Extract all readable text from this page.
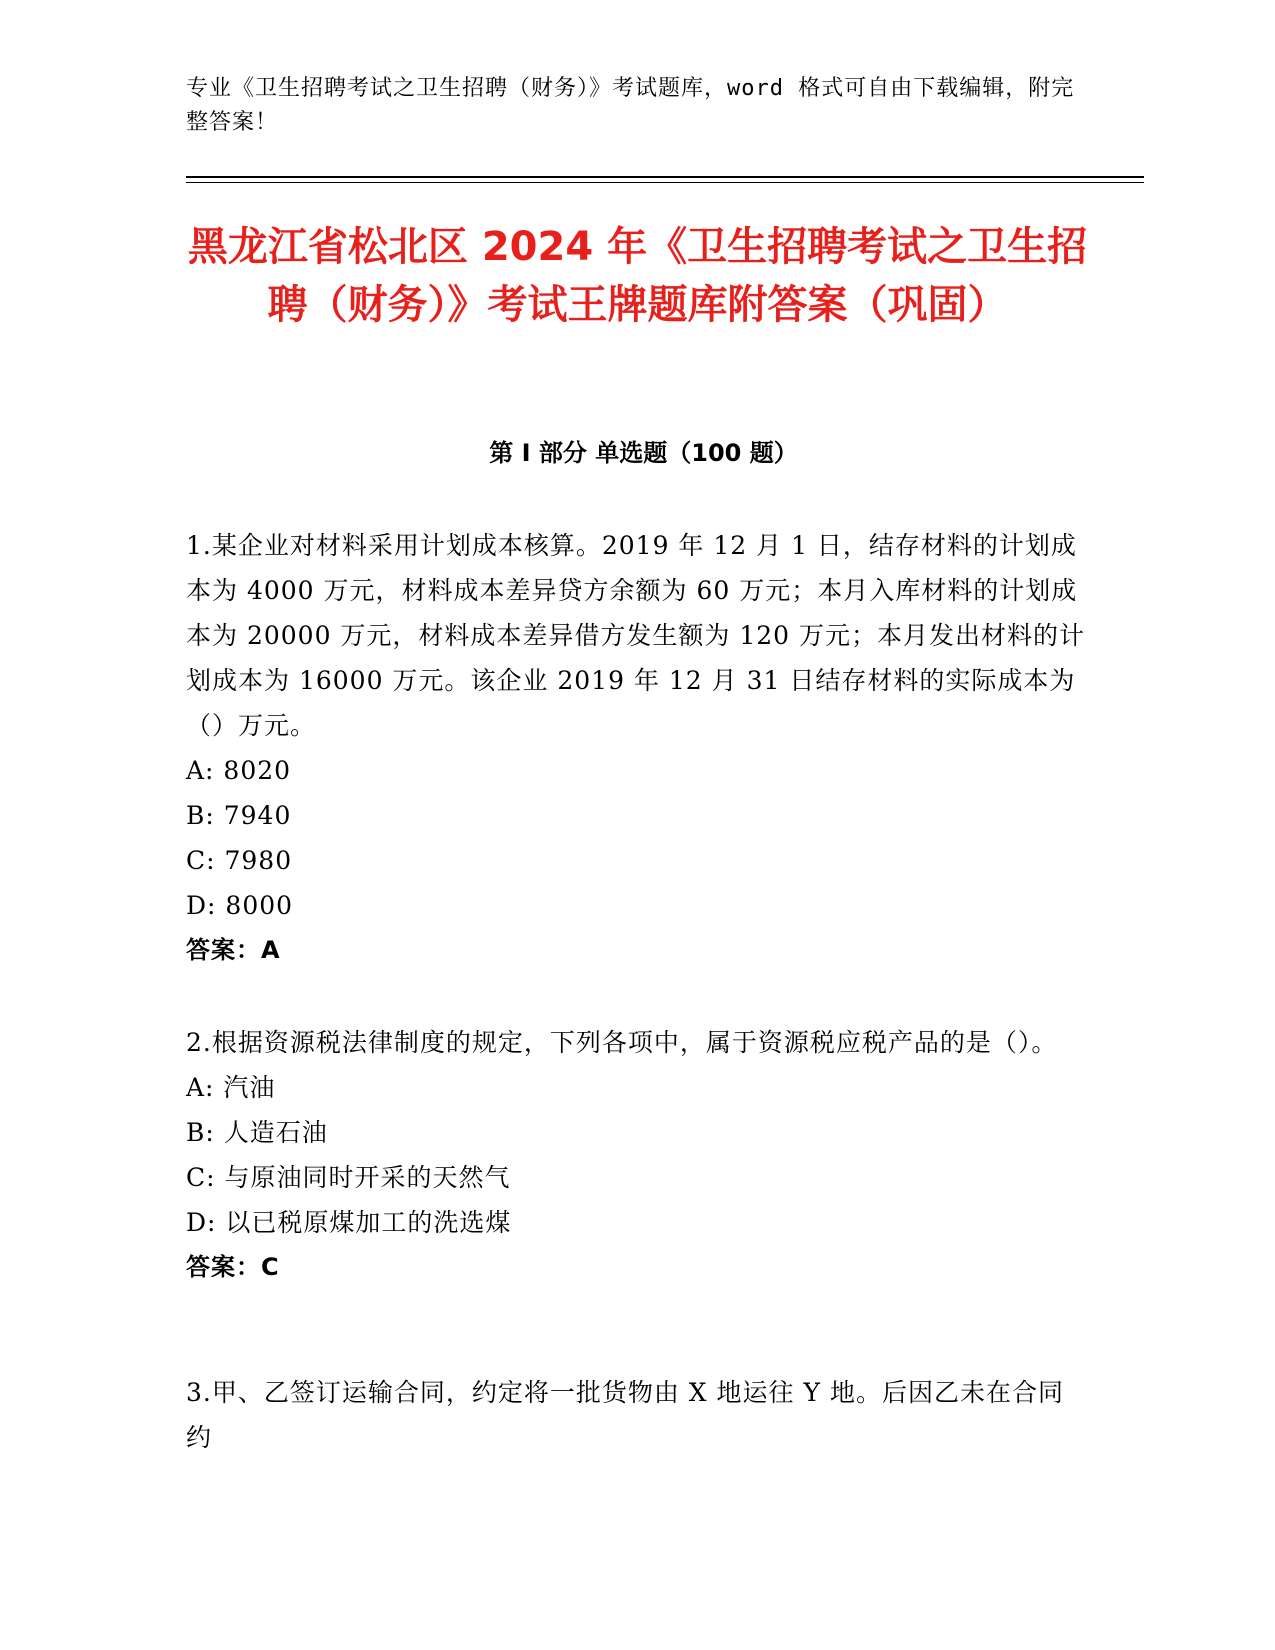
专业《卫生招聘考试之卫生招聘（财务）》考试题库，word 格式可自由下载编辑，附完整答案！
黑龙江省松北区 2024 年《卫生招聘考试之卫生招聘（财务）》考试王牌题库附答案（巩固）
第 I 部分 单选题（100 题）
1.某企业对材料采用计划成本核算。2019 年 12 月 1 日，结存材料的计划成本为 4000 万元，材料成本差异贷方余额为 60 万元；本月入库材料的计划成本为 20000 万元，材料成本差异借方发生额为 120 万元；本月发出材料的计划成本为 16000 万元。该企业 2019 年 12 月 31 日结存材料的实际成本为（）万元。
A: 8020
B: 7940
C: 7980
D: 8000
答案：A
2.根据资源税法律制度的规定，下列各项中，属于资源税应税产品的是（）。
A: 汽油
B: 人造石油
C: 与原油同时开采的天然气
D: 以已税原煤加工的洗选煤
答案：C
3.甲、乙签订运输合同，约定将一批货物由 X 地运往 Y 地。后因乙未在合同约
